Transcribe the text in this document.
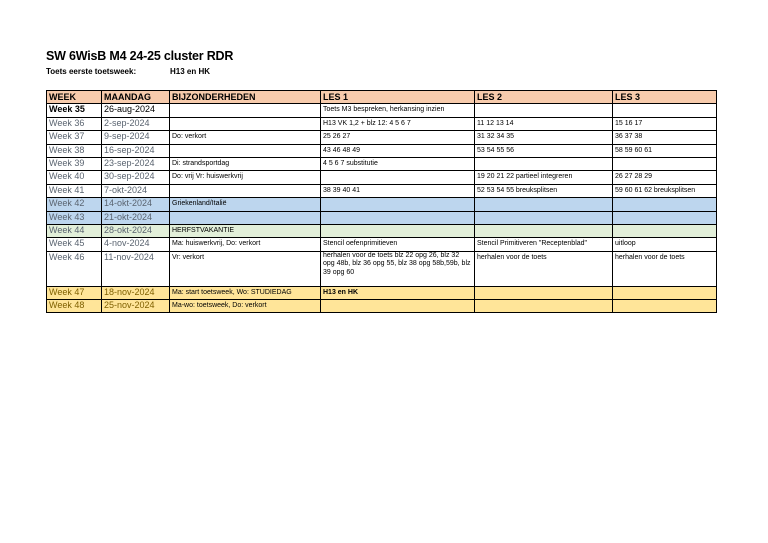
SW 6WisB M4 24-25 cluster RDR
Toets eerste toetsweek:	H13 en HK
WEEK	MAANDAG	BIJZONDERHEDEN	LES 1	LES 2	LES 3
Week 35	26-aug-2024		Toets M3 bespreken, herkansing inzien		
Week 36	2-sep-2024		H13 VK 1,2 + blz 12: 4 5 6 7	11 12 13 14	15 16 17
Week 37	9-sep-2024	Do: verkort	25 26 27	31 32 34 35	36 37 38
Week 38	16-sep-2024		43 46 48 49	53 54 55 56	58 59 60 61
Week 39	23-sep-2024	Di: strandsportdag	4 5 6 7 substitutie		
Week 40	30-sep-2024	Do: vrij Vr: huiswerkvrij		19 20 21 22 partieel integreren	26 27 28 29
Week 41	7-okt-2024		38 39 40 41	52 53 54 55 breuksplitsen	59 60 61 62 breuksplitsen
Week 42	14-okt-2024	Griekenland/Italië			
Week 43	21-okt-2024				
Week 44	28-okt-2024	HERFSTVAKANTIE			
Week 45	4-nov-2024	Ma: huiswerkvrij, Do: verkort	Stencil oefenprimitieven	Stencil Primitiveren "Receptenblad"	uitloop
Week 46	11-nov-2024	Vr: verkort	herhalen voor de toets blz 22 opg 26, blz 32 opg 48b, blz 36 opg 55, blz 38 opg 58b,59b, blz 39 opg 60	herhalen voor de toets	herhalen voor de toets
Week 47	18-nov-2024	Ma: start toetsweek, Wo: STUDIEDAG	H13 en HK		
Week 48	25-nov-2024	Ma-wo: toetsweek, Do: verkort			
